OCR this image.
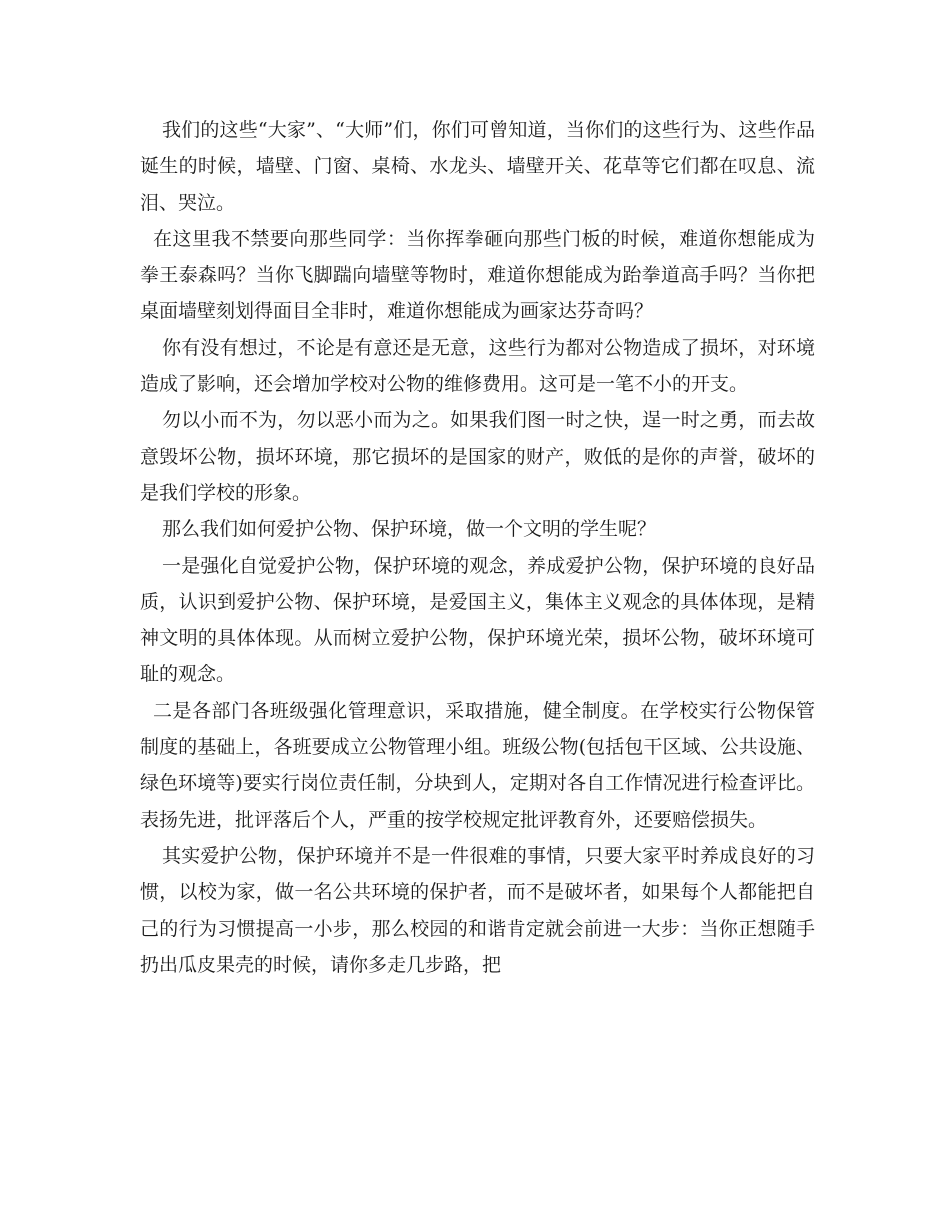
我们的这些“大家”、“大师”们，你们可曾知道，当你们的这些行为、这些作品诞生的时候，墙壁、门窗、桌椅、水龙头、墙壁开关、花草等它们都在叹息、流泪、哭泣。

在这里我不禁要向那些同学：当你挥拳砸向那些门板的时候，难道你想能成为拳王泰森吗？当你飞脚踹向墙壁等物时，难道你想能成为跆拳道高手吗？当你把桌面墙壁刻划得面目全非时，难道你想能成为画家达芬奇吗？

你有没有想过，不论是有意还是无意，这些行为都对公物造成了损坏，对环境造成了影响，还会增加学校对公物的维修费用。这可是一笔不小的开支。

勿以小而不为，勿以恶小而为之。如果我们图一时之快，逞一时之勇，而去故意毁坏公物，损坏环境，那它损坏的是国家的财产，败低的是你的声誉，破坏的是我们学校的形象。

那么我们如何爱护公物、保护环境，做一个文明的学生呢？

一是强化自觉爱护公物，保护环境的观念，养成爱护公物，保护环境的良好品质，认识到爱护公物、保护环境，是爱国主义，集体主义观念的具体体现，是精神文明的具体体现。从而树立爱护公物，保护环境光荣，损坏公物，破坏环境可耻的观念。

二是各部门各班级强化管理意识，采取措施，健全制度。在学校实行公物保管制度的基础上，各班要成立公物管理小组。班级公物(包括包干区域、公共设施、绿色环境等)要实行岗位责任制，分块到人，定期对各自工作情况进行检查评比。表扬先进，批评落后个人，严重的按学校规定批评教育外，还要赔偿损失。

其实爱护公物，保护环境并不是一件很难的事情，只要大家平时养成良好的习惯，以校为家，做一名公共环境的保护者，而不是破坏者，如果每个人都能把自己的行为习惯提高一小步，那么校园的和谐肯定就会前进一大步：当你正想随手扔出瓜皮果壳的时候，请你多走几步路，把
